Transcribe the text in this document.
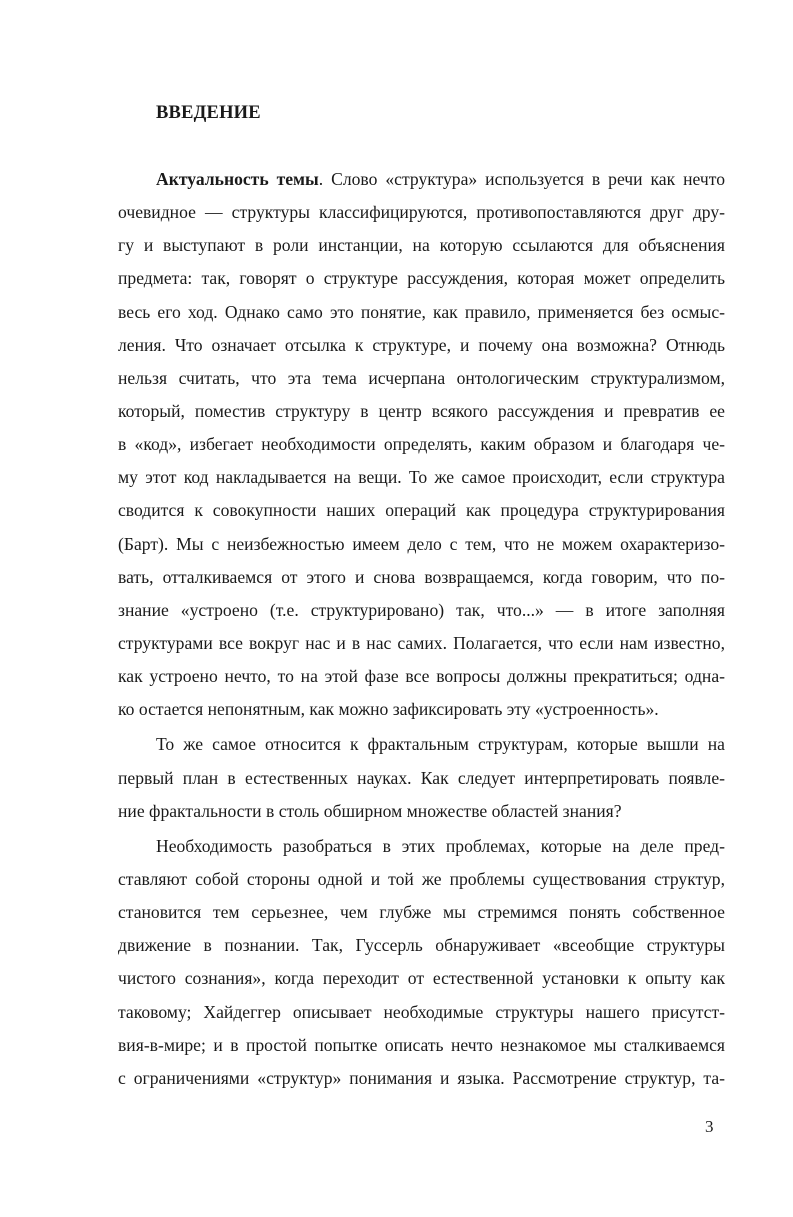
ВВЕДЕНИЕ
Актуальность темы. Слово «структура» используется в речи как нечто
очевидное — структуры классифицируются, противопоставляются друг дру-
гу и выступают в роли инстанции, на которую ссылаются для объяснения
предмета: так, говорят о структуре рассуждения, которая может определить
весь его ход. Однако само это понятие, как правило, применяется без осмыс-
ления. Что означает отсылка к структуре, и почему она возможна? Отнюдь
нельзя считать, что эта тема исчерпана онтологическим структурализмом,
который, поместив структуру в центр всякого рассуждения и превратив ее
в «код», избегает необходимости определять, каким образом и благодаря че-
му этот код накладывается на вещи. То же самое происходит, если структура
сводится к совокупности наших операций как процедура структурирования
(Барт). Мы с неизбежностью имеем дело с тем, что не можем охарактеризо-
вать, отталкиваемся от этого и снова возвращаемся, когда говорим, что по-
знание «устроено (т.е. структурировано) так, что...» — в итоге заполняя
структурами все вокруг нас и в нас самих. Полагается, что если нам известно,
как устроено нечто, то на этой фазе все вопросы должны прекратиться; одна-
ко остается непонятным, как можно зафиксировать эту «устроенность».
То же самое относится к фрактальным структурам, которые вышли на
первый план в естественных науках. Как следует интерпретировать появле-
ние фрактальности в столь обширном множестве областей знания?
Необходимость разобраться в этих проблемах, которые на деле пред-
ставляют собой стороны одной и той же проблемы существования структур,
становится тем серьезнее, чем глубже мы стремимся понять собственное
движение в познании. Так, Гуссерль обнаруживает «всеобщие структуры
чистого сознания», когда переходит от естественной установки к опыту как
таковому; Хайдеггер описывает необходимые структуры нашего присутст-
вия-в-мире; и в простой попытке описать нечто незнакомое мы сталкиваемся
с ограничениями «структур» понимания и языка. Рассмотрение структур, та-
3
